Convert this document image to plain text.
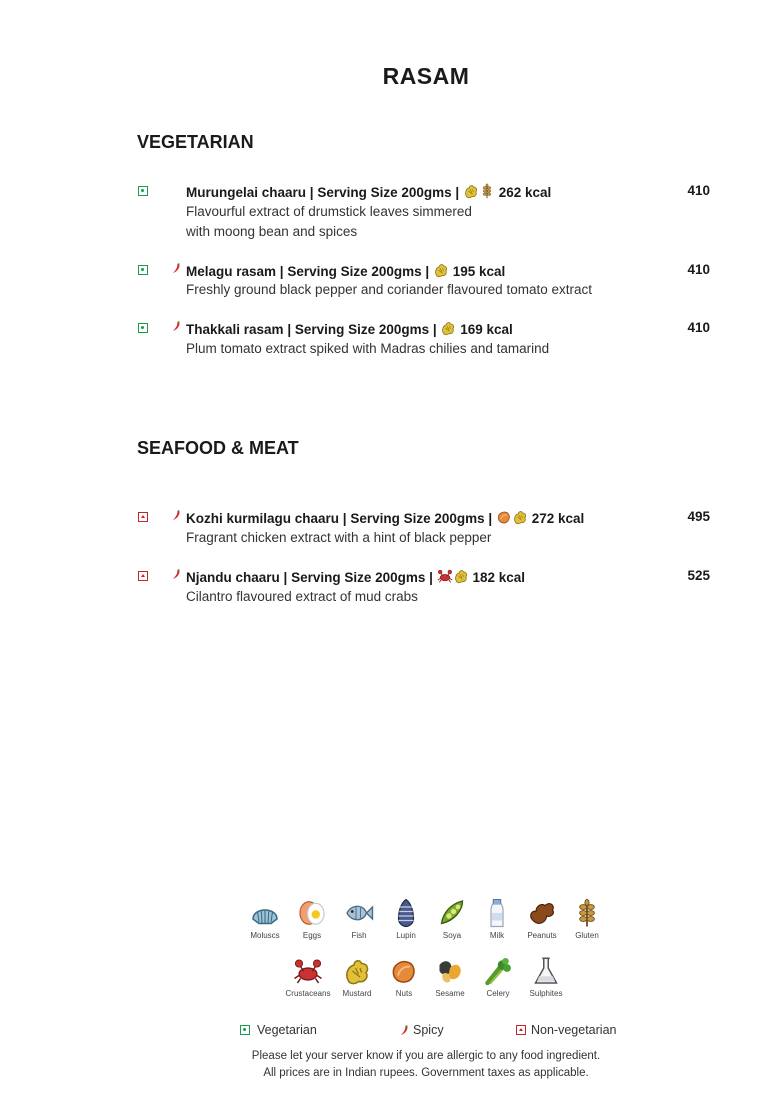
RASAM
VEGETARIAN
Murungelai chaaru | Serving Size 200gms |	262 kcal
Flavourful extract of drumstick leaves simmered
with moong bean and spices
410
Melagu rasam | Serving Size 200gms |  195 kcal
Freshly ground black pepper and coriander flavoured tomato extract
410
Thakkali rasam | Serving Size 200gms |  169 kcal
Plum tomato extract spiked with Madras chilies and tamarind
410
SEAFOOD & MEAT
Kozhi kurmilagu chaaru | Serving Size 200gms |	272 kcal
Fragrant chicken extract with a hint of black pepper
495
Njandu chaaru | Serving Size 200gms |	182 kcal
Cilantro flavoured extract of mud crabs
525
Moluscs	Eggs	Fish	Lupin	Soya	Milk	Peanuts	Gluten
Crustaceans	Mustard	Nuts	Sesame	Celery	Sulphites
Vegetarian	Spicy	Non-vegetarian
Please let your server know if you are allergic to any food ingredient.
All prices are in Indian rupees. Government taxes as applicable.
